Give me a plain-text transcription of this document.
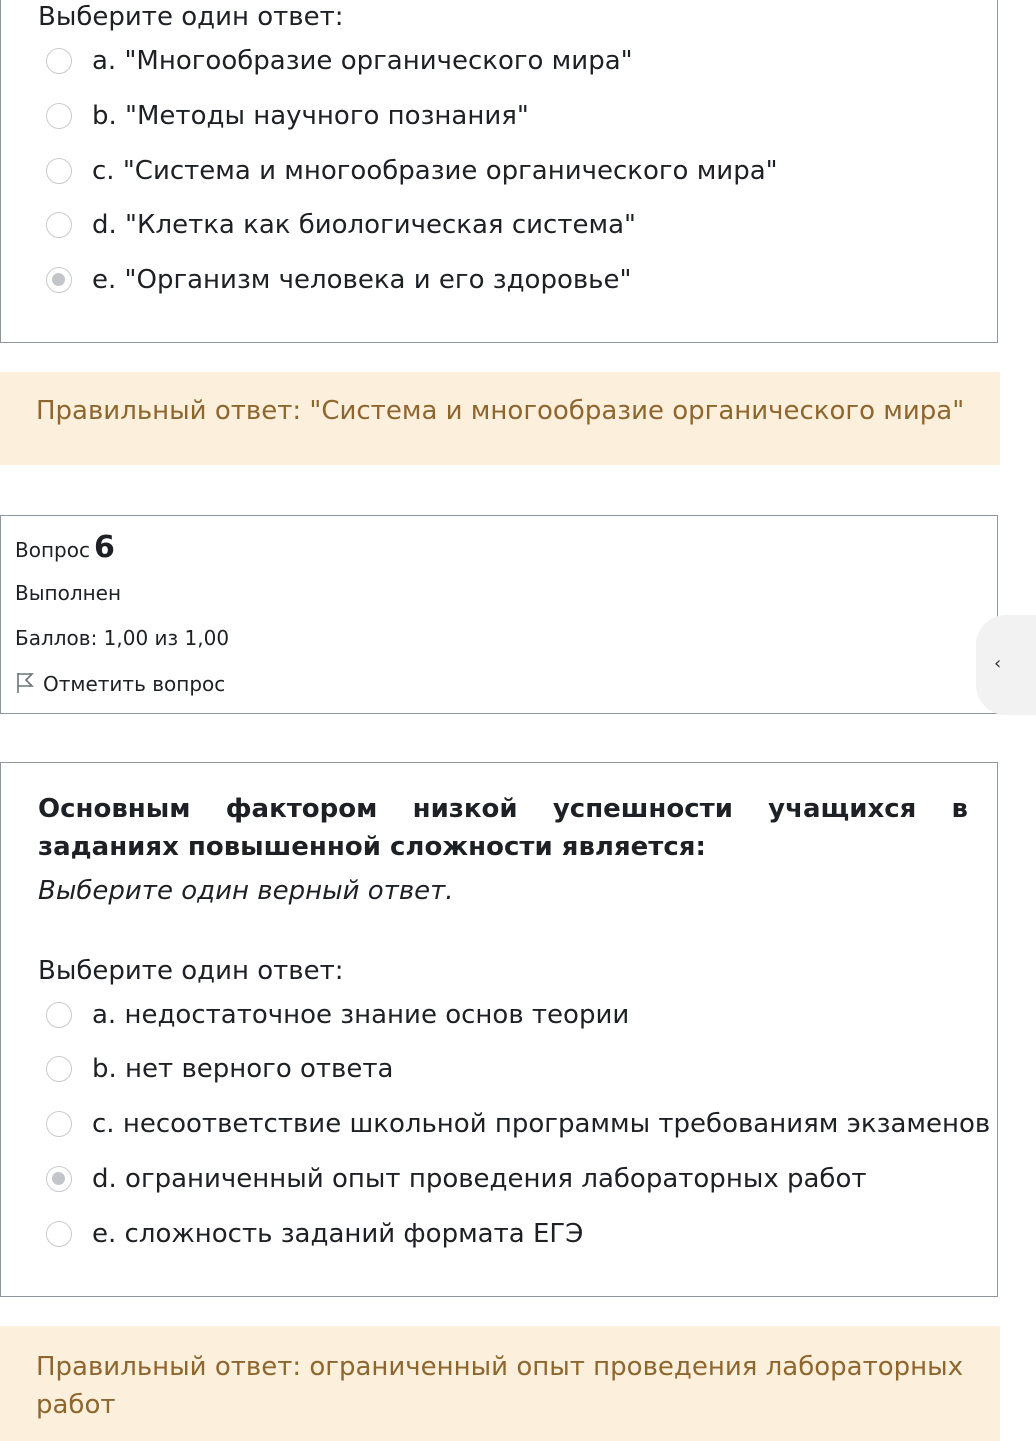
Выберите один ответ:
a. "Многообразие органического мира"
b. "Методы научного познания"
c. "Система и многообразие органического мира"
d. "Клетка как биологическая система"
e. "Организм человека и его здоровье"
Правильный ответ: "Система и многообразие органического мира"
Вопрос 6
Выполнен
Баллов: 1,00 из 1,00
Отметить вопрос
‹
Основным фактором низкой успешности учащихся в заданиях повышенной сложности является:
Выберите один верный ответ.
Выберите один ответ:
a. недостаточное знание основ теории
b. нет верного ответа
c. несоответствие школьной программы требованиям экзаменов
d. ограниченный опыт проведения лабораторных работ
e. сложность заданий формата ЕГЭ
Правильный ответ: ограниченный опыт проведения лабораторных работ
